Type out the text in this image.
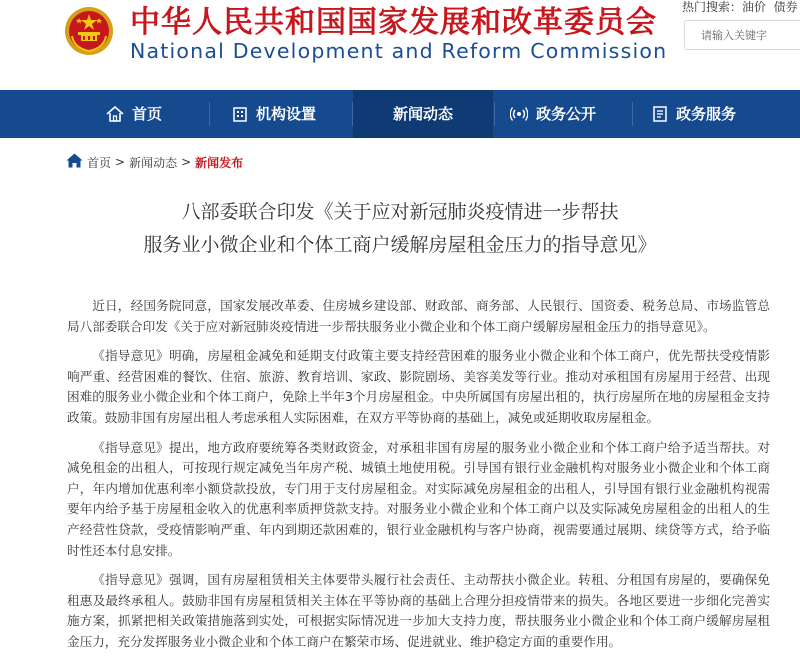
中华人民共和国国家发展和改革委员会
National Development and Reform Commission
热门搜索：油价 债券
请输入关键字
首页	机构设置	新闻动态	政务公开	政务服务
首页 > 新闻动态 > 新闻发布
八部委联合印发《关于应对新冠肺炎疫情进一步帮扶
服务业小微企业和个体工商户缓解房屋租金压力的指导意见》

近日，经国务院同意，国家发展改革委、住房城乡建设部、财政部、商务部、人民银行、国资委、税务总局、市场监管总局八部委联合印发《关于应对新冠肺炎疫情进一步帮扶服务业小微企业和个体工商户缓解房屋租金压力的指导意见》。

《指导意见》明确，房屋租金减免和延期支付政策主要支持经营困难的服务业小微企业和个体工商户，优先帮扶受疫情影响严重、经营困难的餐饮、住宿、旅游、教育培训、家政、影院剧场、美容美发等行业。推动对承租国有房屋用于经营、出现困难的服务业小微企业和个体工商户，免除上半年3个月房屋租金。中央所属国有房屋出租的，执行房屋所在地的房屋租金支持政策。鼓励非国有房屋出租人考虑承租人实际困难，在双方平等协商的基础上，减免或延期收取房屋租金。

《指导意见》提出，地方政府要统筹各类财政资金，对承租非国有房屋的服务业小微企业和个体工商户给予适当帮扶。对减免租金的出租人，可按现行规定减免当年房产税、城镇土地使用税。引导国有银行业金融机构对服务业小微企业和个体工商户，年内增加优惠利率小额贷款投放，专门用于支付房屋租金。对实际减免房屋租金的出租人，引导国有银行业金融机构视需要年内给予基于房屋租金收入的优惠利率质押贷款支持。对服务业小微企业和个体工商户以及实际减免房屋租金的出租人的生产经营性贷款，受疫情影响严重、年内到期还款困难的，银行业金融机构与客户协商，视需要通过展期、续贷等方式，给予临时性还本付息安排。

《指导意见》强调，国有房屋租赁相关主体要带头履行社会责任、主动帮扶小微企业。转租、分租国有房屋的，要确保免租惠及最终承租人。鼓励非国有房屋租赁相关主体在平等协商的基础上合理分担疫情带来的损失。各地区要进一步细化完善实施方案，抓紧把相关政策措施落到实处，可根据实际情况进一步加大支持力度，帮扶服务业小微企业和个体工商户缓解房屋租金压力，充分发挥服务业小微企业和个体工商户在繁荣市场、促进就业、维护稳定方面的重要作用。
